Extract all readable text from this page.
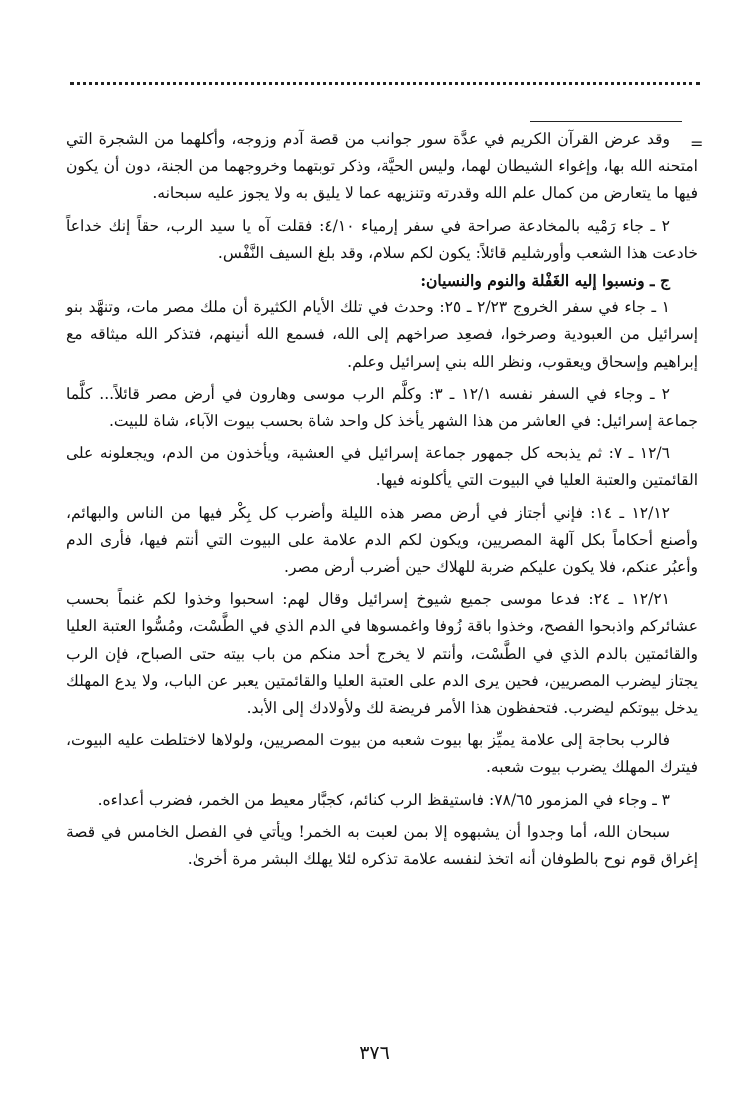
=

وقد عرض القرآن الكريم في عدَّة سور جوانب من قصة آدم وزوجه، وأكلهما من الشجرة التي امتحنه الله بها، وإغواء الشيطان لهما، وليس الحيَّة، وذكر توبتهما وخروجهما من الجنة، دون أن يكون فيها ما يتعارض من كمال علم الله وقدرته وتنزيهه عما لا يليق به ولا يجوز عليه سبحانه.

٢ ـ جاء رَمْيه بالمخادعة صراحة في سفر إرمياء ٤/١٠: فقلت آه يا سيد الرب، حقاً إنك خداعاً خادعت هذا الشعب وأورشليم قائلاً: يكون لكم سلام، وقد بلغ السيف النَّفْس.

ج ـ ونسبوا إليه الغَفْلة والنوم والنسيان:

١ ـ جاء في سفر الخروج ٢/٢٣ ـ ٢٥: وحدث في تلك الأيام الكثيرة أن ملك مصر مات، وتنهَّد بنو إسرائيل من العبودية وصرخوا، فصعِد صراخهم إلى الله، فسمع الله أنينهم، فتذكر الله ميثاقه مع إبراهيم وإسحاق ويعقوب، ونظر الله بني إسرائيل وعلم.

٢ ـ وجاء في السفر نفسه ١٢/١ ـ ٣: وكلَّم الرب موسى وهارون في أرض مصر قائلاً... كلَّما جماعة إسرائيل: في العاشر من هذا الشهر يأخذ كل واحد شاة بحسب بيوت الآباء، شاة للبيت.

١٢/٦ ـ ٧: ثم يذبحه كل جمهور جماعة إسرائيل في العشية، ويأخذون من الدم، ويجعلونه على القائمتين والعتبة العليا في البيوت التي يأكلونه فيها.

١٢/١٢ ـ ١٤: فإني أجتاز في أرض مصر هذه الليلة وأضرب كل بِكْر فيها من الناس والبهائم، وأصنع أحكاماً بكل آلهة المصريين، ويكون لكم الدم علامة على البيوت التي أنتم فيها، فأرى الدم وأعبُر عنكم، فلا يكون عليكم ضربة للهلاك حين أضرب أرض مصر.

١٢/٢١ ـ ٢٤: فدعا موسى جميع شيوخ إسرائيل وقال لهم: اسحبوا وخذوا لكم غنماً بحسب عشائركم واذبحوا الفصح، وخذوا باقة زُوفا واغمسوها في الدم الذي في الطَّسْت، ومُسُّوا العتبة العليا والقائمتين بالدم الذي في الطَّسْت، وأنتم لا يخرج أحد منكم من باب بيته حتى الصباح، فإن الرب يجتاز ليضرب المصريين، فحين يرى الدم على العتبة العليا والقائمتين يعبر عن الباب، ولا يدع المهلك يدخل بيوتكم ليضرب. فتحفظون هذا الأمر فريضة لك ولأولادك إلى الأبد.

فالرب بحاجة إلى علامة يميِّز بها بيوت شعبه من بيوت المصريين، ولولاها لاختلطت عليه البيوت، فيترك المهلك يضرب بيوت شعبه.

٣ ـ وجاء في المزمور ٧٨/٦٥: فاستيقظ الرب كنائم، كجبَّار معيط من الخمر، فضرب أعداءه.

سبحان الله، أما وجدوا أن يشبهوه إلا بمن لعبت به الخمر! ويأتي في الفصل الخامس في قصة إغراق قوم نوح بالطوفان أنه اتخذ لنفسه علامة تذكره لئلا يهلك البشر مرة أخرىٰ.

٣٧٦
